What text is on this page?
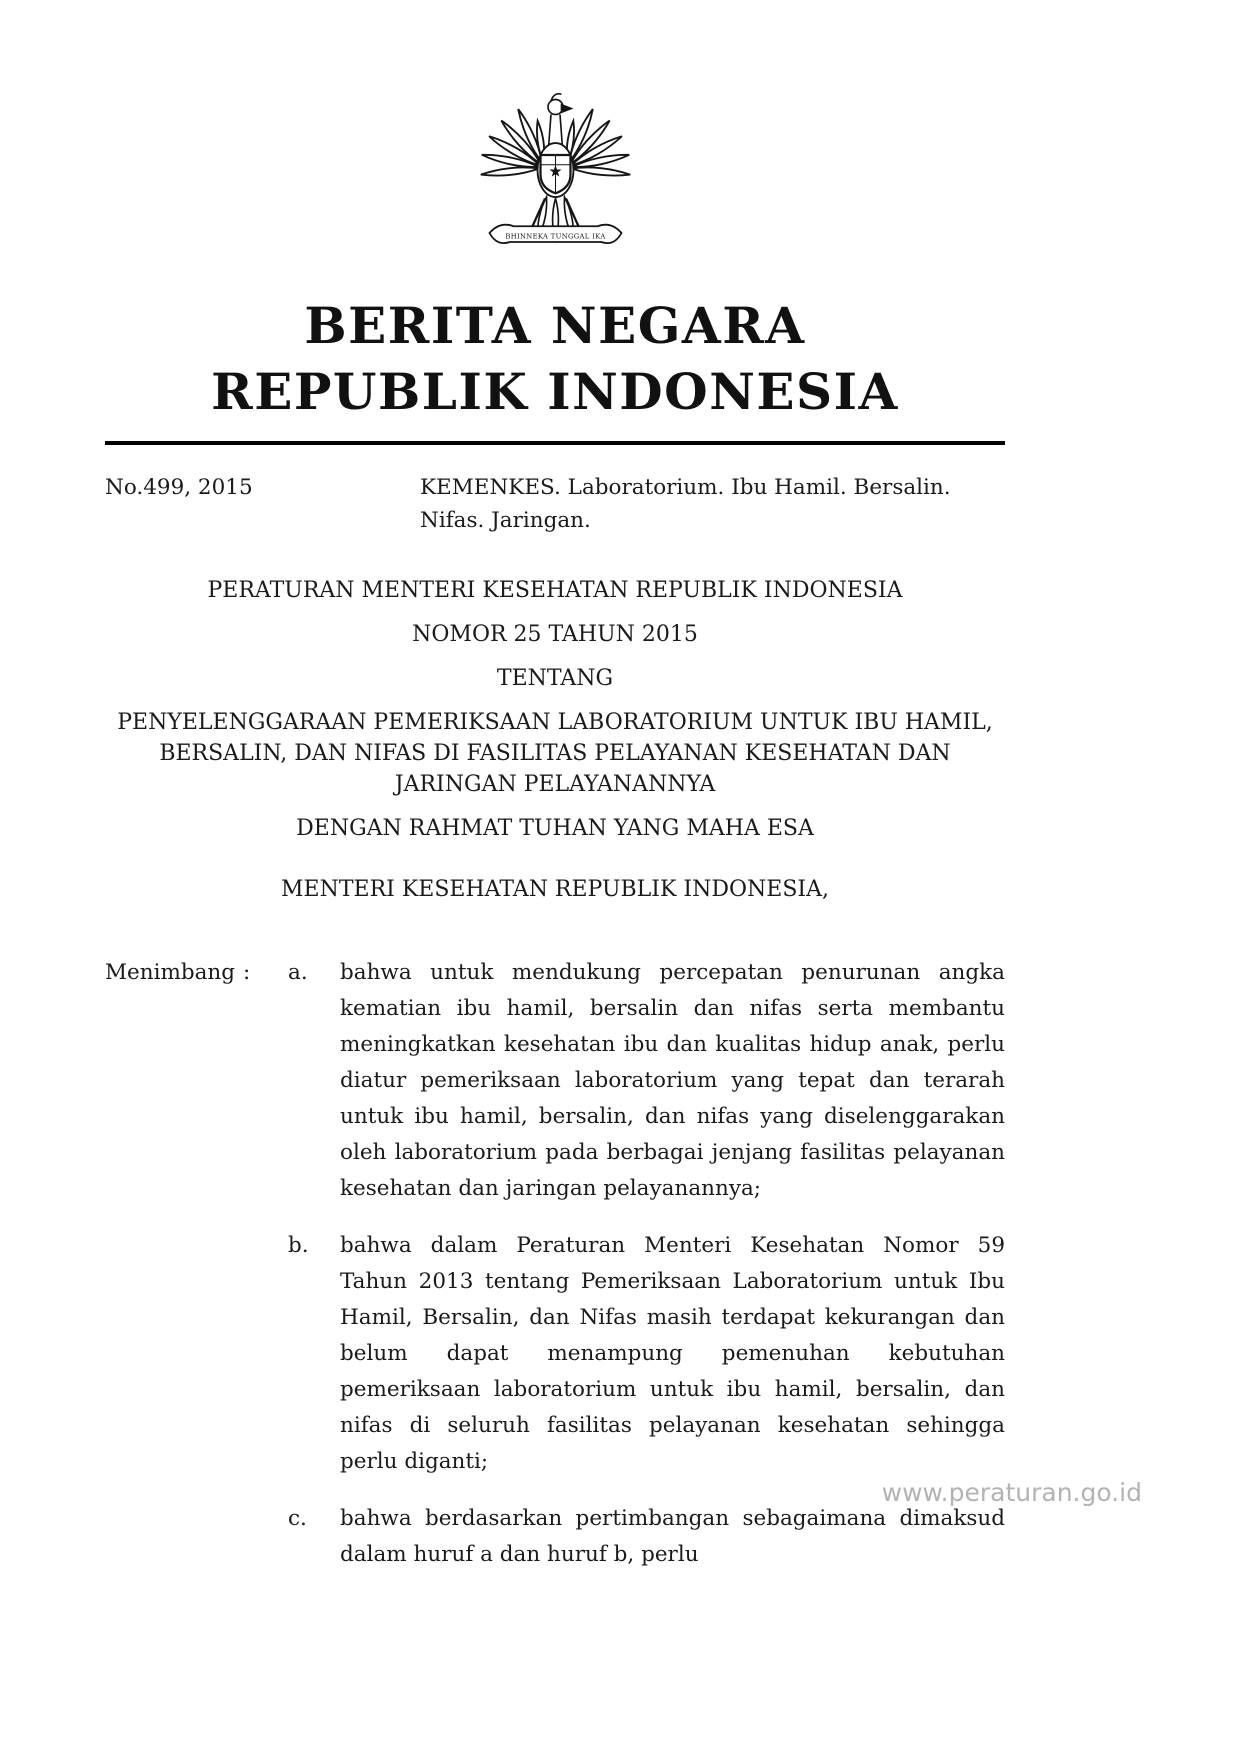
BHINNEKA TUNGGAL IKA
BERITA NEGARA
REPUBLIK INDONESIA
No.499, 2015	KEMENKES. Laboratorium. Ibu Hamil. Bersalin. Nifas. Jaringan.

PERATURAN MENTERI KESEHATAN REPUBLIK INDONESIA

NOMOR 25 TAHUN 2015

TENTANG

PENYELENGGARAAN PEMERIKSAAN LABORATORIUM UNTUK IBU HAMIL, BERSALIN, DAN NIFAS DI FASILITAS PELAYANAN KESEHATAN DAN JARINGAN PELAYANANNYA

DENGAN RAHMAT TUHAN YANG MAHA ESA

MENTERI KESEHATAN REPUBLIK INDONESIA,

Menimbang :	a.	bahwa untuk mendukung percepatan penurunan angka kematian ibu hamil, bersalin dan nifas serta membantu meningkatkan kesehatan ibu dan kualitas hidup anak, perlu diatur pemeriksaan laboratorium yang tepat dan terarah untuk ibu hamil, bersalin, dan nifas yang diselenggarakan oleh laboratorium pada berbagai jenjang fasilitas pelayanan kesehatan dan jaringan pelayanannya;

b.	bahwa dalam Peraturan Menteri Kesehatan Nomor 59 Tahun 2013 tentang Pemeriksaan Laboratorium untuk Ibu Hamil, Bersalin, dan Nifas masih terdapat kekurangan dan belum dapat menampung pemenuhan kebutuhan pemeriksaan laboratorium untuk ibu hamil, bersalin, dan nifas di seluruh fasilitas pelayanan kesehatan sehingga perlu diganti;

c.	bahwa berdasarkan pertimbangan sebagaimana dimaksud dalam huruf a dan huruf b, perlu

www.peraturan.go.id
